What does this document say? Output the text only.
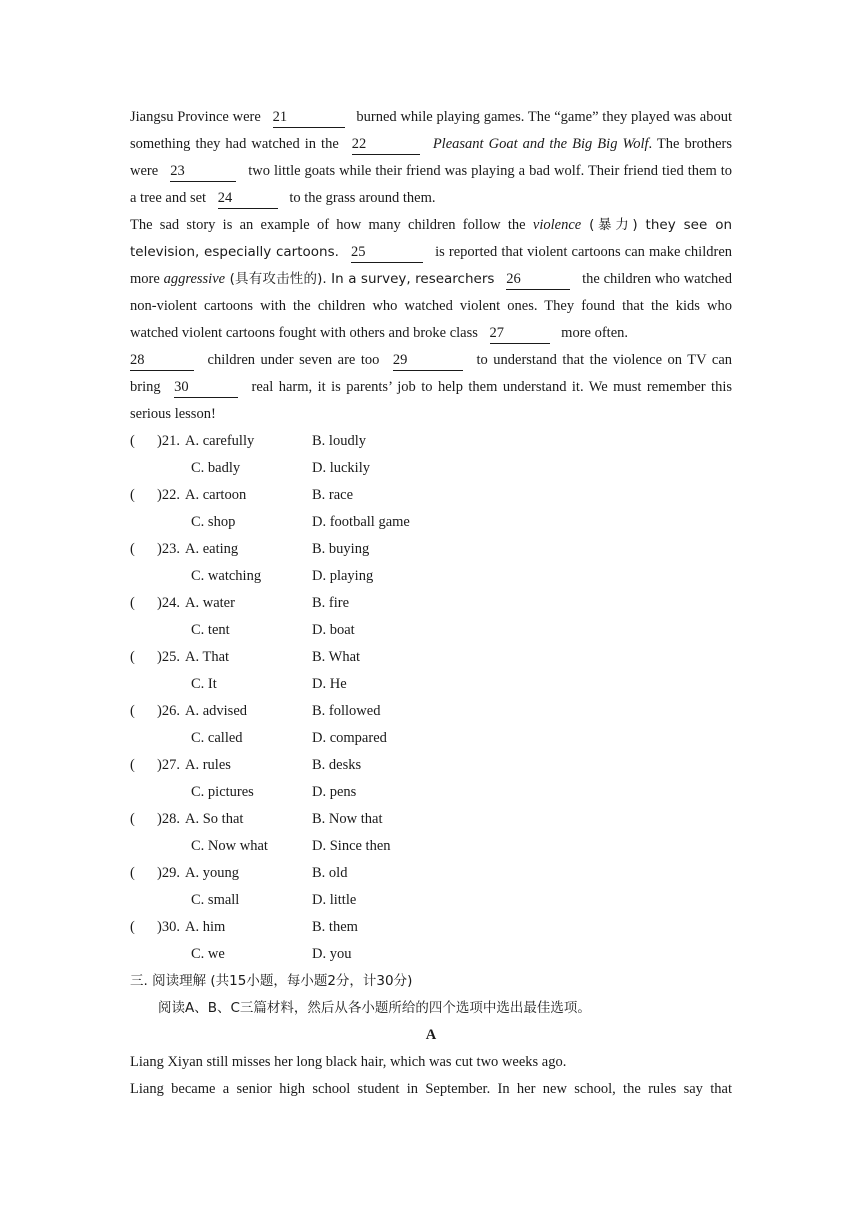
Jiangsu Province were 21	burned while playing games. The “game” they played was about something they had watched in the 22	Pleasant Goat and the Big Big Wolf. The brothers were 23	two little goats while their friend was playing a bad wolf. Their friend tied them to a tree and set 24	to the grass around them.

The sad story is an example of how many children follow the violence (暴力) they see on television, especially cartoons. 25	is reported that violent cartoons can make children more aggressive (具有攻击性的). In a survey, researchers 26	the children who watched non-violent cartoons with the children who watched violent ones. They found that the kids who watched violent cartoons fought with others and broke class 27	more often.

28	children under seven are too 29	to understand that the violence on TV can bring 30	real harm, it is parents’ job to help them understand it. We must remember this serious lesson!

( )21. A. carefully	B. loudly
C. badly	D. luckily
( )22. A. cartoon	B. race
C. shop	D. football game
( )23. A. eating	B. buying
C. watching	D. playing
( )24. A. water	B. fire
C. tent	D. boat
( )25. A. That	B. What
C. It	D. He
( )26. A. advised	B. followed
C. called	D. compared
( )27. A. rules	B. desks
C. pictures	D. pens
( )28. A. So that	B. Now that
C. Now what	D. Since then
( )29. A. young	B. old
C. small	D. little
( )30. A. him	B. them
C. we	D. you
三. 阅读理解 (共15小题，每小题2分，计30分)
阅读A、B、C三篇材料，然后从各小题所给的四个选项中选出最佳选项。
A
Liang Xiyan still misses her long black hair, which was cut two weeks ago.
Liang became a senior high school student in September. In her new school, the rules say that
